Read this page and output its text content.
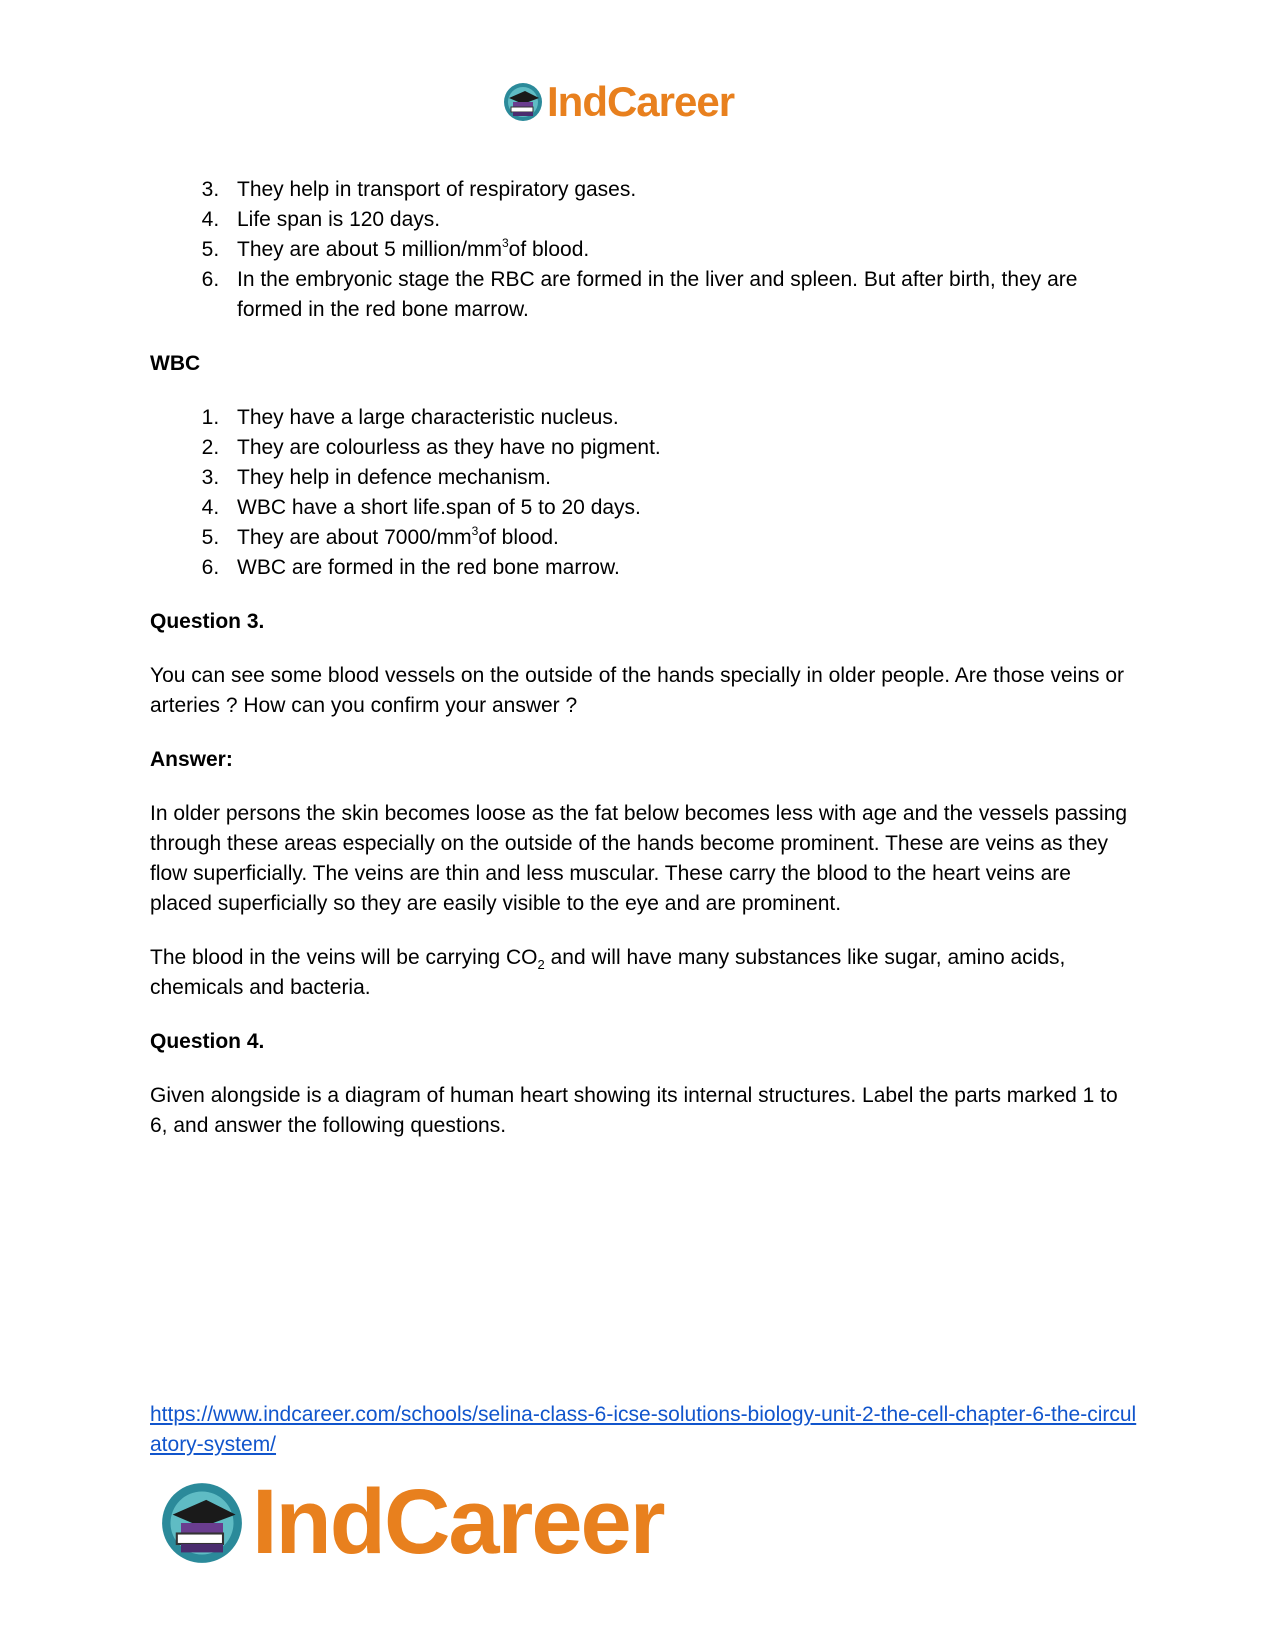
IndCareer
3. They help in transport of respiratory gases.
4. Life span is 120 days.
5. They are about 5 million/$mm^3of$ blood.
6. In the embryonic stage the RBC are formed in the liver and spleen. But after birth, they are formed in the red bone marrow.
WBC
1. They have a large characteristic nucleus.
2. They are colourless as they have no pigment.
3. They help in defence mechanism.
4. WBC have a short life.span of 5 to 20 days.
5. They are about $7000/mm^3of$ blood.
6. WBC are formed in the red bone marrow.
Question 3.

You can see some blood vessels on the outside of the hands specially in older people. Are those veins or arteries ? How can you confirm your answer ?

Answer:

In older persons the skin becomes loose as the fat below becomes less with age and the vessels passing through these areas especially on the outside of the hands become prominent. These are veins as they flow superficially. The veins are thin and less muscular. These carry the blood to the heart veins are placed superficially so they are easily visible to the eye and are prominent.

The blood in the veins will be carrying $CO_2$ and will have many substances like sugar, amino acids, chemicals and bacteria.

Question 4.

Given alongside is a diagram of human heart showing its internal structures. Label the parts marked 1 to 6, and answer the following questions.

https://www.indcareer.com/schools/selina-class-6-icse-solutions-biology-unit-2-the-cell-chapter-6-the-circulatory-system/
IndCareer
